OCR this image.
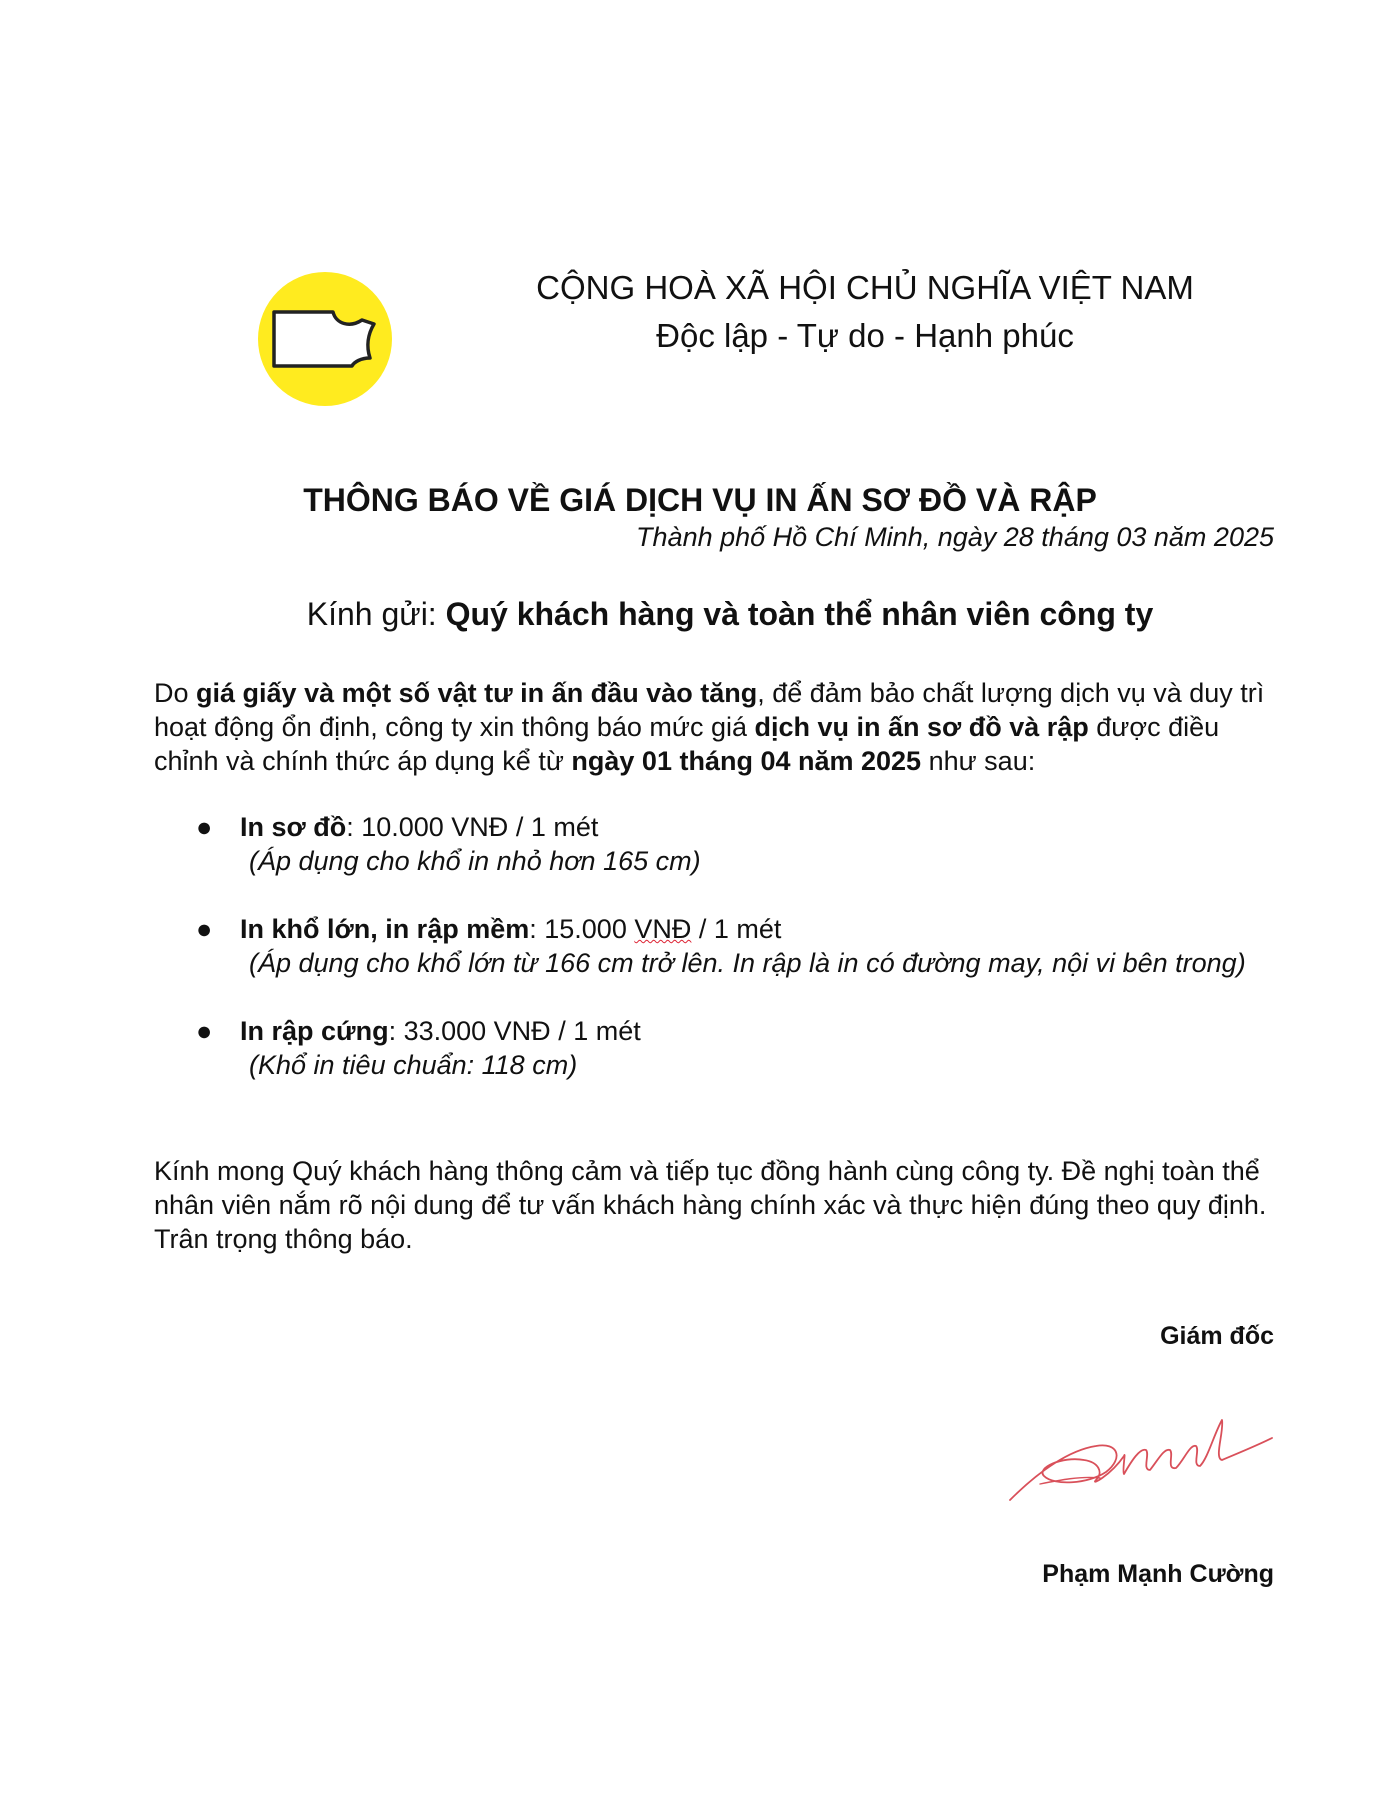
CỘNG HOÀ XÃ HỘI CHỦ NGHĨA VIỆT NAM
Độc lập - Tự do - Hạnh phúc
THÔNG BÁO VỀ GIÁ DỊCH VỤ IN ẤN SƠ ĐỒ VÀ RẬP
Thành phố Hồ Chí Minh, ngày 28 tháng 03 năm 2025
Kính gửi: Quý khách hàng và toàn thể nhân viên công ty
Do giá giấy và một số vật tư in ấn đầu vào tăng, để đảm bảo chất lượng dịch vụ và duy trì hoạt động ổn định, công ty xin thông báo mức giá dịch vụ in ấn sơ đồ và rập được điều chỉnh và chính thức áp dụng kể từ ngày 01 tháng 04 năm 2025 như sau:
● In sơ đồ: 10.000 VNĐ / 1 mét
(Áp dụng cho khổ in nhỏ hơn 165 cm)
● In khổ lớn, in rập mềm: 15.000 VNĐ / 1 mét
(Áp dụng cho khổ lớn từ 166 cm trở lên. In rập là in có đường may, nội vi bên trong)
● In rập cứng: 33.000 VNĐ / 1 mét
(Khổ in tiêu chuẩn: 118 cm)
Kính mong Quý khách hàng thông cảm và tiếp tục đồng hành cùng công ty. Đề nghị toàn thể nhân viên nắm rõ nội dung để tư vấn khách hàng chính xác và thực hiện đúng theo quy định.
Trân trọng thông báo.
Giám đốc
Phạm Mạnh Cường
